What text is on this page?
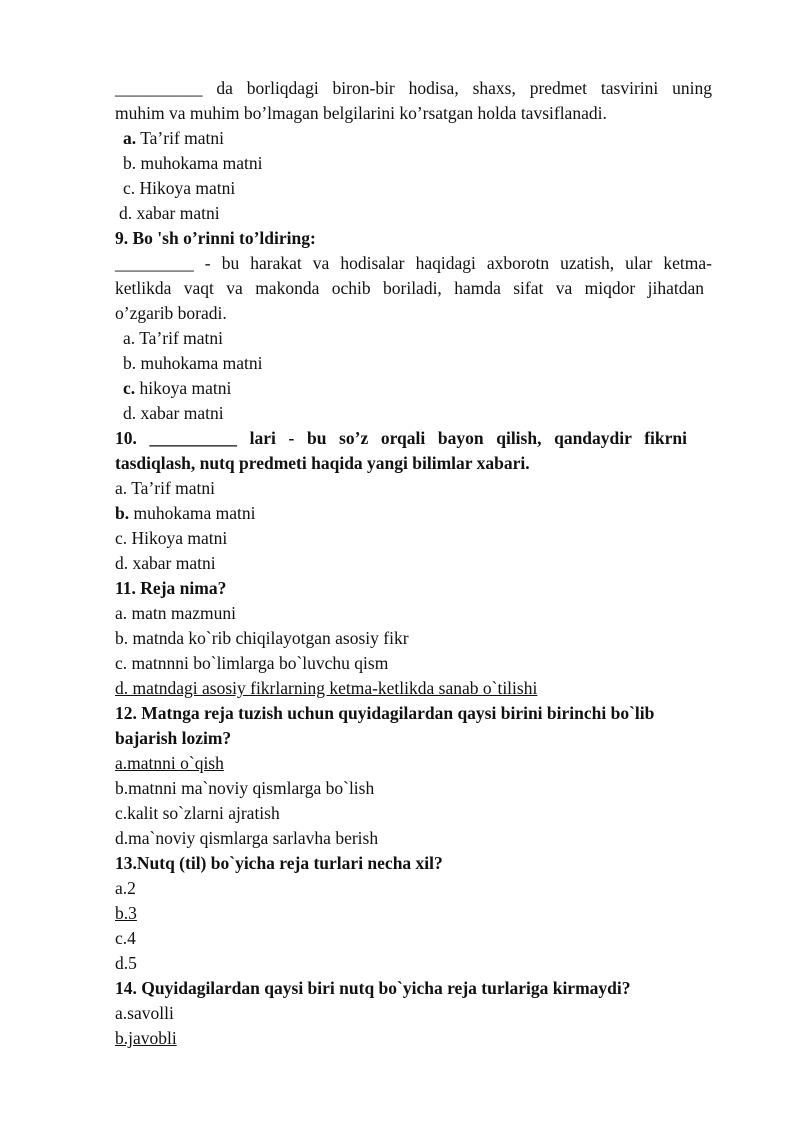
__________ da borliqdagi biron-bir hodisa, shaxs, predmet tasvirini uning
muhim va muhim bo’lmagan belgilarini ko’rsatgan holda tavsiflanadi.
a. Ta’rif matni
b. muhokama matni
c. Hikoya matni
d. xabar matni
9. Bo 'sh o’rinni to’ldiring:
_________ - bu harakat va hodisalar haqidagi axborotn uzatish, ular ketma-
ketlikda vaqt va makonda ochib boriladi, hamda sifat va miqdor jihatdan
o’zgarib boradi.
a. Ta’rif matni
b. muhokama matni
c. hikoya matni
d. xabar matni
10. __________ lari - bu so’z orqali bayon qilish, qandaydir fikrni
tasdiqlash, nutq predmeti haqida yangi bilimlar xabari.
a. Ta’rif matni
b. muhokama matni
c. Hikoya matni
d. xabar matni
11. Reja nima?
a. matn mazmuni
b. matnda ko`rib chiqilayotgan asosiy fikr
c. matnnni bo`limlarga bo`luvchu qism
d. matndagi asosiy fikrlarning ketma-ketlikda sanab o`tilishi
12. Matnga reja tuzish uchun quyidagilardan qaysi birini birinchi bo`lib
bajarish lozim?
a.matnni o`qish
b.matnni ma`noviy qismlarga bo`lish
c.kalit so`zlarni ajratish
d.ma`noviy qismlarga sarlavha berish
13.Nutq (til) bo`yicha reja turlari necha xil?
a.2
b.3
c.4
d.5
14. Quyidagilardan qaysi biri nutq bo`yicha reja turlariga kirmaydi?
a.savolli
b.javobli
